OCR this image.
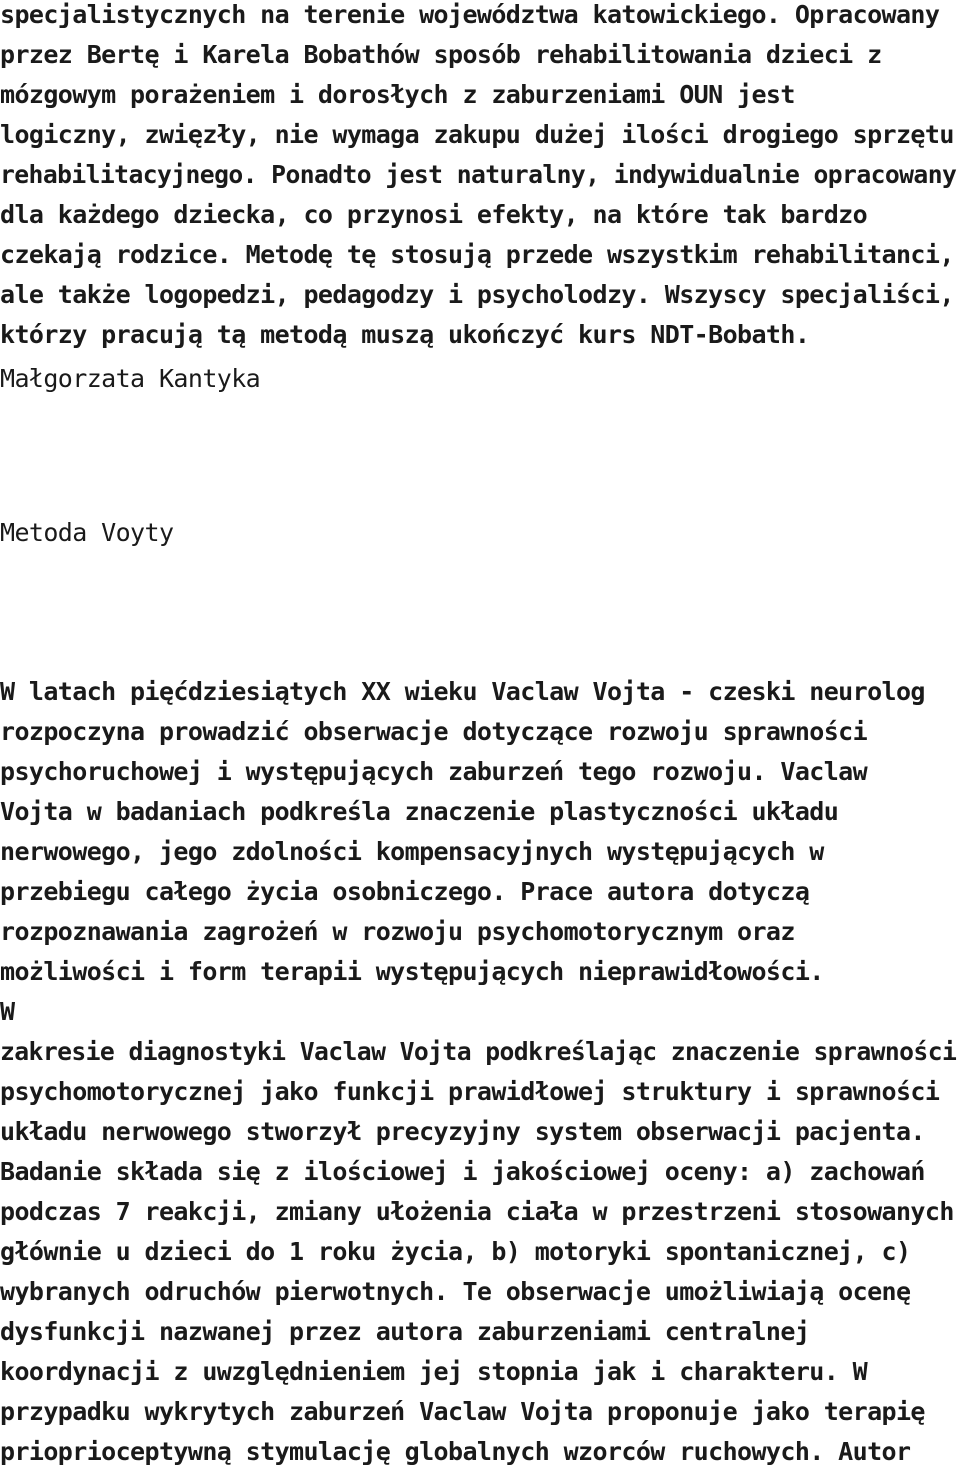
specjalistycznych na terenie województwa katowickiego. Opracowany
przez Bertę i Karela Bobathów sposób rehabilitowania dzieci z
mózgowym porażeniem i dorosłych z zaburzeniami OUN jest
logiczny, zwięzły, nie wymaga zakupu dużej ilości drogiego sprzętu
rehabilitacyjnego. Ponadto jest naturalny, indywidualnie opracowany
dla każdego dziecka, co przynosi efekty, na które tak bardzo
czekają rodzice. Metodę tę stosują przede wszystkim rehabilitanci,
ale także logopedzi, pedagodzy i psycholodzy. Wszyscy specjaliści,
którzy pracują tą metodą muszą ukończyć kurs NDT-Bobath.
Małgorzata Kantyka
Metoda Voyty
W latach pięćdziesiątych XX wieku Vaclaw Vojta - czeski neurolog
rozpoczyna prowadzić obserwacje dotyczące rozwoju sprawności
psychoruchowej i występujących zaburzeń tego rozwoju. Vaclaw
Vojta w badaniach podkreśla znaczenie plastyczności układu
nerwowego, jego zdolności kompensacyjnych występujących w
przebiegu całego życia osobniczego. Prace autora dotyczą
rozpoznawania zagrożeń w rozwoju psychomotorycznym oraz
możliwości i form terapii występujących nieprawidłowości.
W
zakresie diagnostyki Vaclaw Vojta podkreślając znaczenie sprawności
psychomotorycznej jako funkcji prawidłowej struktury i sprawności
układu nerwowego stworzył precyzyjny system obserwacji pacjenta.
Badanie składa się z ilościowej i jakościowej oceny: a) zachowań
podczas 7 reakcji, zmiany ułożenia ciała w przestrzeni stosowanych
głównie u dzieci do 1 roku życia, b) motoryki spontanicznej, c)
wybranych odruchów pierwotnych. Te obserwacje umożliwiają ocenę
dysfunkcji nazwanej przez autora zaburzeniami centralnej
koordynacji z uwzględnieniem jej stopnia jak i charakteru. W
przypadku wykrytych zaburzeń Vaclaw Vojta proponuje jako terapię
prioprioceptywną stymulację globalnych wzorców ruchowych. Autor
